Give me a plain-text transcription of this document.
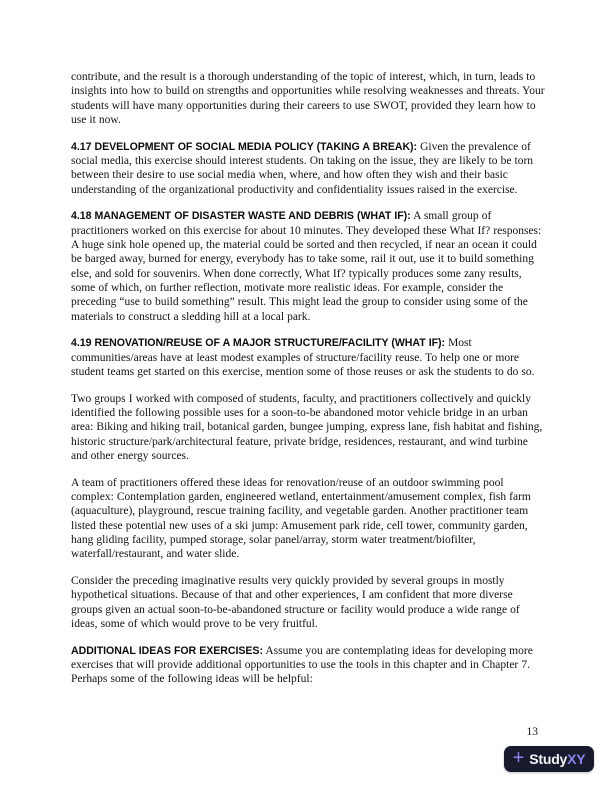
contribute, and the result is a thorough understanding of the topic of interest, which, in turn, leads to insights into how to build on strengths and opportunities while resolving weaknesses and threats. Your students will have many opportunities during their careers to use SWOT, provided they learn how to use it now.

4.17 DEVELOPMENT OF SOCIAL MEDIA POLICY (TAKING A BREAK): Given the prevalence of social media, this exercise should interest students. On taking on the issue, they are likely to be torn between their desire to use social media when, where, and how often they wish and their basic understanding of the organizational productivity and confidentiality issues raised in the exercise.

4.18 MANAGEMENT OF DISASTER WASTE AND DEBRIS (WHAT IF): A small group of practitioners worked on this exercise for about 10 minutes. They developed these What If? responses: A huge sink hole opened up, the material could be sorted and then recycled, if near an ocean it could be barged away, burned for energy, everybody has to take some, rail it out, use it to build something else, and sold for souvenirs. When done correctly, What If? typically produces some zany results, some of which, on further reflection, motivate more realistic ideas. For example, consider the preceding “use to build something” result. This might lead the group to consider using some of the materials to construct a sledding hill at a local park.

4.19 RENOVATION/REUSE OF A MAJOR STRUCTURE/FACILITY (WHAT IF): Most communities/areas have at least modest examples of structure/facility reuse. To help one or more student teams get started on this exercise, mention some of those reuses or ask the students to do so.

Two groups I worked with composed of students, faculty, and practitioners collectively and quickly identified the following possible uses for a soon-to-be abandoned motor vehicle bridge in an urban area: Biking and hiking trail, botanical garden, bungee jumping, express lane, fish habitat and fishing, historic structure/park/architectural feature, private bridge, residences, restaurant, and wind turbine and other energy sources.

A team of practitioners offered these ideas for renovation/reuse of an outdoor swimming pool complex: Contemplation garden, engineered wetland, entertainment/amusement complex, fish farm (aquaculture), playground, rescue training facility, and vegetable garden. Another practitioner team listed these potential new uses of a ski jump: Amusement park ride, cell tower, community garden, hang gliding facility, pumped storage, solar panel/array, storm water treatment/biofilter, waterfall/restaurant, and water slide.

Consider the preceding imaginative results very quickly provided by several groups in mostly hypothetical situations. Because of that and other experiences, I am confident that more diverse groups given an actual soon-to-be-abandoned structure or facility would produce a wide range of ideas, some of which would prove to be very fruitful.

ADDITIONAL IDEAS FOR EXERCISES: Assume you are contemplating ideas for developing more exercises that will provide additional opportunities to use the tools in this chapter and in Chapter 7. Perhaps some of the following ideas will be helpful:

13
+ Study XY
